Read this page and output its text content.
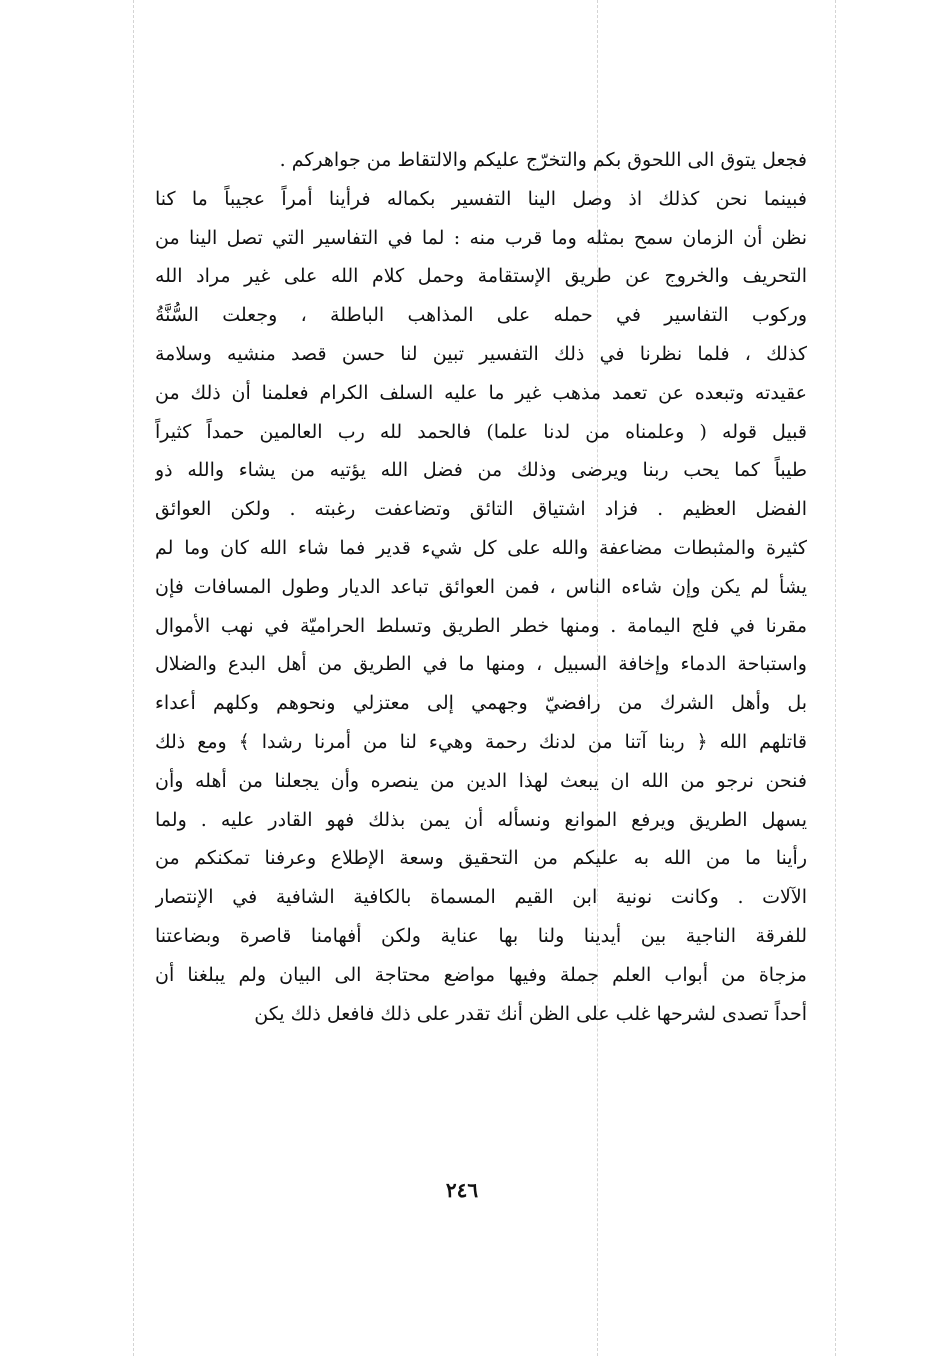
فجعل يتوق الى اللحوق بكم والتخرّج عليكم والالتقاط من جواهركم .
فبينما نحن كذلك اذ وصل الينا التفسير بكماله فرأينا أمراً عجيباً ما كنا
نظن أن الزمان سمح بمثله وما قرب منه : لما في التفاسير التي تصل الينا من
التحريف والخروج عن طريق الإستقامة وحمل كلام الله على غير مراد الله
وركوب التفاسير في حمله على المذاهب الباطلة ، وجعلت السُّنَّةُ
كذلك ، فلما نظرنا في ذلك التفسير تبين لنا حسن قصد منشيه وسلامة
عقيدته وتبعده عن تعمد مذهب غير ما عليه السلف الكرام فعلمنا أن ذلك من
قبيل قوله ( وعلمناه من لدنا علما) فالحمد لله رب العالمين حمداً كثيراً
طيباً كما يحب ربنا ويرضى وذلك من فضل الله يؤتيه من يشاء والله ذو
الفضل العظيم . فزاد اشتياق التائق وتضاعفت رغبته . ولكن العوائق
كثيرة والمثبطات مضاعفة والله على كل شيء قدير فما شاء الله كان وما لم
يشأ لم يكن وإن شاءه الناس ، فمن العوائق تباعد الديار وطول المسافات فإن
مقرنا في فلج اليمامة . ومنها خطر الطريق وتسلط الحراميّة في نهب الأموال
واستباحة الدماء وإخافة السبيل ، ومنها ما في الطريق من أهل البدع والضلال
بل وأهل الشرك من رافضيّ وجهمي إلى معتزلي ونحوهم وكلهم أعداء
قاتلهم الله ﴿ ربنا آتنا من لدنك رحمة وهيء لنا من أمرنا رشدا ﴾ ومع ذلك
فنحن نرجو من الله ان يبعث لهذا الدين من ينصره وأن يجعلنا من أهله وأن
يسهل الطريق ويرفع الموانع ونسأله أن يمن بذلك فهو القادر عليه . ولما
رأينا ما من الله به عليكم من التحقيق وسعة الإطلاع وعرفنا تمكنكم من
الآلات . وكانت نونية ابن القيم المسماة بالكافية الشافية في الإنتصار
للفرقة الناجية بين أيدينا ولنا بها عناية ولكن أفهامنا قاصرة وبضاعتنا
مزجاة من أبواب العلم جملة وفيها مواضع محتاجة الى البيان ولم يبلغنا أن
أحداً تصدى لشرحها غلب على الظن أنك تقدر على ذلك فافعل ذلك يكن
٢٤٦
